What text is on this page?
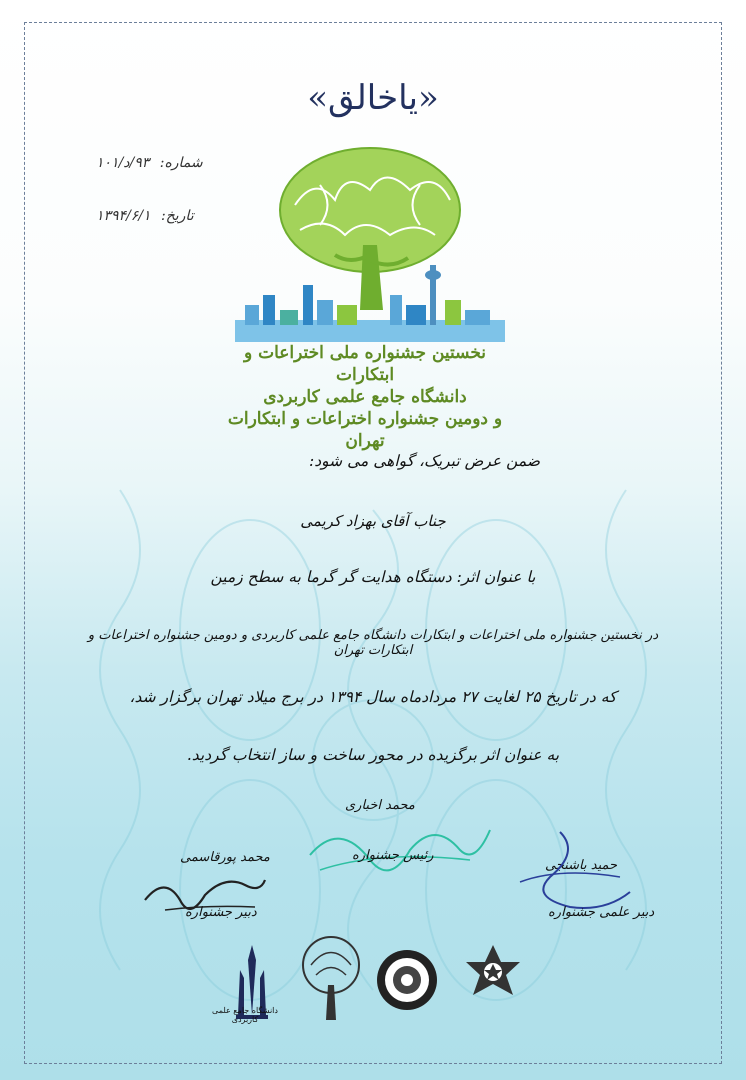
«یاخالق»
شماره: ۹۳/د/۱۰۱
تاریخ: ۱۳۹۴/۶/۱
نخستین جشنواره ملی اختراعات و ابتکارات
دانشگاه جامع علمی کاربردی
و دومین جشنواره اختراعات و ابتکارات تهران
ضمن عرض تبریک، گواهی می شود:
جناب آقای بهزاد کریمی
با عنوان اثر: دستگاه هدایت گر گرما به سطح زمین
در نخستین جشنواره ملی اختراعات و ابتکارات دانشگاه جامع علمی کاربردی و دومین جشنواره اختراعات و ابتکارات تهران
که در تاریخ ۲۵ لغایت ۲۷ مردادماه سال ۱۳۹۴ در برج میلاد تهران برگزار شد،
به عنوان اثر برگزیده در محور ساخت و ساز انتخاب گردید.
محمد اخباری
رئیس جشنواره
محمد پورقاسمی
دبیر جشنواره
حمید باشنجی
دبیر علمی جشنواره
دانشگاه جامع علمی کاربردی
